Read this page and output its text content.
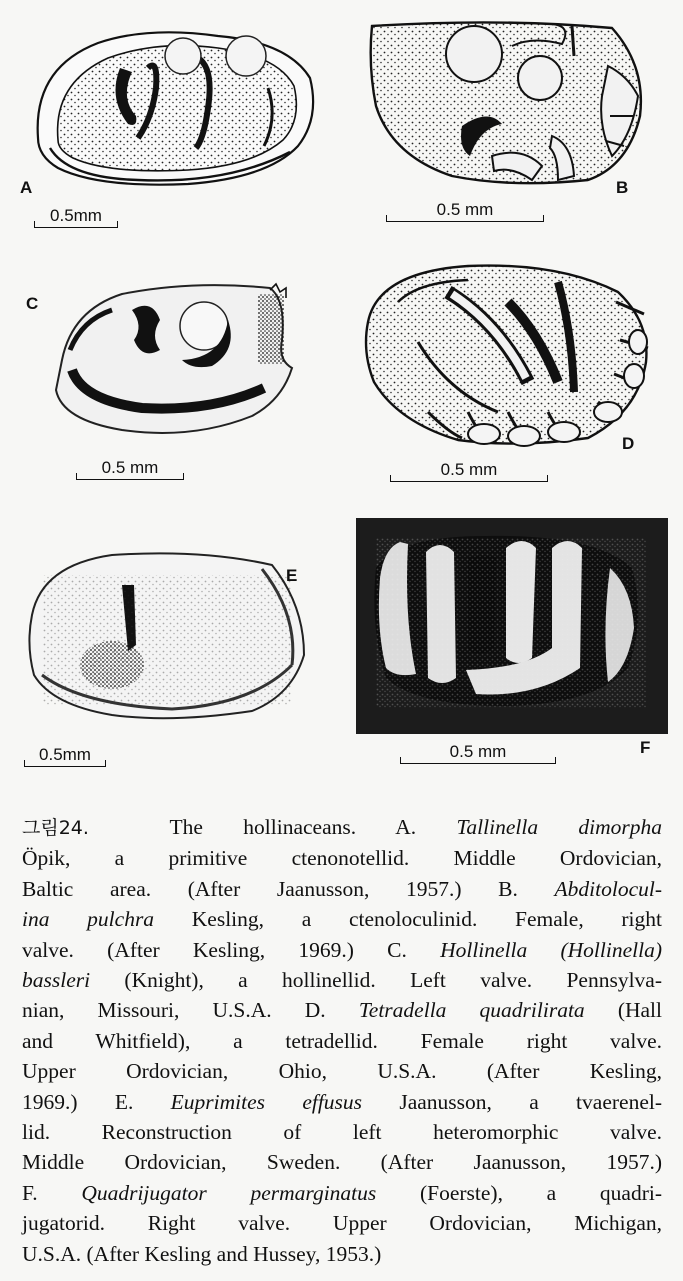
A
0.5mm
B
0.5 mm
C
0.5 mm
D
0.5 mm
E
0.5mm	F
0.5 mm
그림24.	The hollinaceans. A. Tallinella dimorpha
Öpik, a primitive ctenonotellid. Middle Ordovician,
Baltic area. (After Jaanusson, 1957.) B. Abditolocul-
ina pulchra Kesling, a ctenoloculinid. Female, right
valve. (After Kesling, 1969.) C. Hollinella (Hollinella)
bassleri (Knight), a hollinellid. Left valve. Pennsylva-
nian, Missouri, U.S.A. D. Tetradella quadrilirata (Hall
and Whitfield), a tetradellid. Female right valve.
Upper Ordovician, Ohio, U.S.A. (After Kesling,
1969.) E. Euprimites effusus Jaanusson, a tvaerenel-
lid. Reconstruction of left heteromorphic valve.
Middle Ordovician, Sweden. (After Jaanusson, 1957.)
F. Quadrijugator permarginatus (Foerste), a quadri-
jugatorid. Right valve. Upper Ordovician, Michigan,
U.S.A. (After Kesling and Hussey, 1953.)
